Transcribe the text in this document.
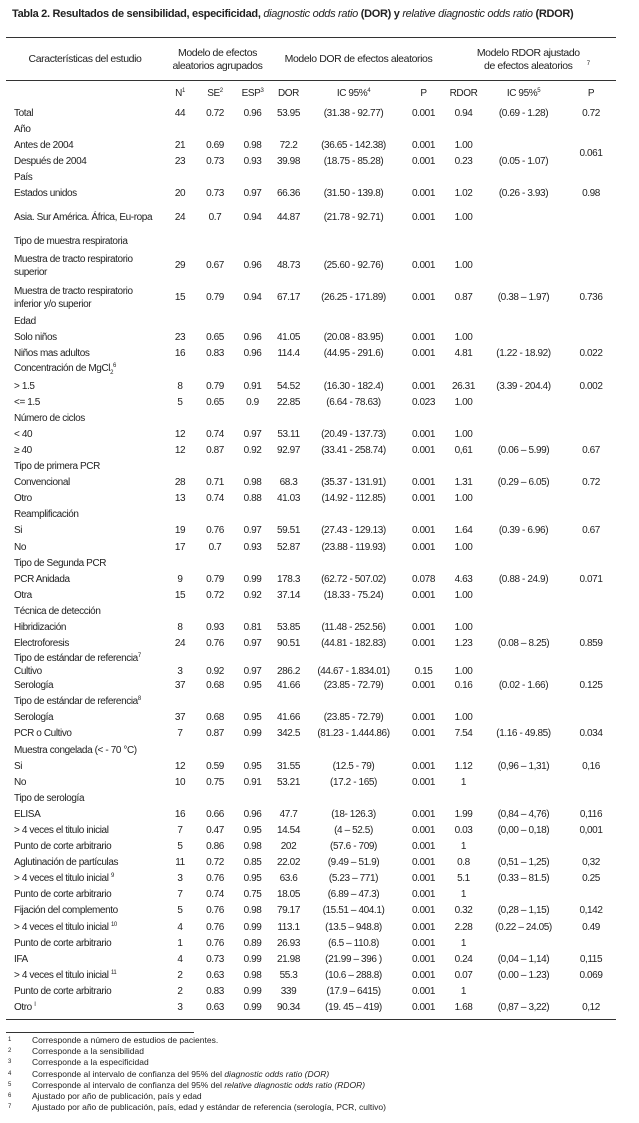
Tabla 2. Resultados de sensibilidad, especificidad, diagnostic odds ratio (DOR) y relative diagnostic odds ratio (RDOR)
Características del estudio	Modelo de efectos aleatorios agrupados			Modelo DOR de efectos aleatorios			Modelo RDOR ajustado de efectos aleatorios $^7$
	$N^1$	$SE^2$	ESP$^3$	DOR	IC 95%$^4$	P	RDOR	IC 95%$^5$	P
Total	44	0.72	0.96	53.95	(31.38 - 92.77)	0.001	0.94	(0.69 - 1.28)	0.72
Año									
Antes de 2004	21	0.69	0.98	72.2	(36.65 - 142.38)	0.001	1.00		0.061
Después de 2004	23	0.73	0.93	39.98	(18.75 - 85.28)	0.001	0.23	(0.05 - 1.07)	
País									
Estados unidos	20	0.73	0.97	66.36	(31.50 - 139.8)	0.001	1.02	(0.26 - 3.93)	0.98
Asia. Sur América. África, Eu-ropa	24	0.7	0.94	44.87	(21.78 - 92.71)	0.001	1.00		
Tipo de muestra respiratoria									
Muestra de tracto respiratorio superior	29	0.67	0.96	48.73	(25.60 - 92.76)	0.001	1.00		
Muestra de tracto respiratorio inferior y/o superior	15	0.79	0.94	67.17	(26.25 - 171.89)	0.001	0.87	(0.38 – 1.97)	0.736
Edad									
Solo niños	23	0.65	0.96	41.05	(20.08 - 83.95)	0.001	1.00		
Niños mas adultos	16	0.83	0.96	114.4	(44.95 - 291.6)	0.001	4.81	(1.22 - 18.92)	0.022
Concentración de MgCl$_2^6$
> 1.5	8	0.79	0.91	54.52	(16.30 - 182.4)	0.001	26.31	(3.39 - 204.4)	0.002
<= 1.5	5	0.65	0.9	22.85	(6.64 - 78.63)	0.023	1.00		
Número de ciclos									
< 40	12	0.74	0.97	53.11	(20.49 - 137.73)	0.001	1.00		
≥ 40	12	0.87	0.92	92.97	(33.41 - 258.74)	0.001	0,61	(0.06 – 5.99)	0.67
Tipo de primera PCR									
Convencional	28	0.71	0.98	68.3	(35.37 - 131.91)	0.001	1.31	(0.29 – 6.05)	0.72
Otro	13	0.74	0.88	41.03	(14.92 - 112.85)	0.001	1.00		
Reamplificación									
Si	19	0.76	0.97	59.51	(27.43 - 129.13)	0.001	1.64	(0.39 - 6.96)	0.67
No	17	0.7	0.93	52.87	(23.88 - 119.93)	0.001	1.00		
Tipo de Segunda PCR									
PCR Anidada	9	0.79	0.99	178.3	(62.72 - 507.02)	0.078	4.63	(0.88 - 24.9)	0.071
Otra	15	0.72	0.92	37.14	(18.33 - 75.24)	0.001	1.00		
Técnica de detección									
Hibridización	8	0.93	0.81	53.85	(11.48 - 252.56)	0.001	1.00		
Electroforesis	24	0.76	0.97	90.51	(44.81 - 182.83)	0.001	1.23	(0.08 – 8.25)	0.859
Tipo de estándar de referencia$^7$
Cultivo	3	0.92	0.97	286.2	(44.67 - 1.834.01)	0.15	1.00		
Serología	37	0.68	0.95	41.66	(23.85 - 72.79)	0.001	0.16	(0.02 - 1.66)	0.125
Tipo de estándar de referencia$^8$
Serología	37	0.68	0.95	41.66	(23.85 - 72.79)	0.001	1.00		
PCR o Cultivo	7	0.87	0.99	342.5	(81.23 - 1.444.86)	0.001	7.54	(1.16 - 49.85)	0.034
Muestra congelada (< - 70 °C)									
Si	12	0.59	0.95	31.55	(12.5 - 79)	0.001	1.12	(0,96 – 1,31)	0,16
No	10	0.75	0.91	53.21	(17.2 - 165)	0.001	1		
Tipo de serología									
ELISA	16	0.66	0.96	47.7	(18- 126.3)	0.001	1.99	(0,84 – 4,76)	0,116
> 4 veces el titulo inicial	7	0.47	0.95	14.54	(4 – 52.5)	0.001	0.03	(0,00 – 0,18)	0,001
Punto de corte arbitrario	5	0.86	0.98	202	(57.6 - 709)	0.001	1		
Aglutinación de partículas	11	0.72	0.85	22.02	(9.49 – 51.9)	0.001	0.8	(0,51 – 1,25)	0,32
> 4 veces el titulo inicial $^9$	3	0.76	0.95	63.6	(5.23 – 771)	0.001	5.1	(0.33 – 81.5)	0.25
Punto de corte arbitrario	7	0.74	0.75	18.05	(6.89 – 47.3)	0.001	1		
Fijación del complemento	5	0.76	0.98	79.17	(15.51 – 404.1)	0.001	0.32	(0,28 – 1,15)	0,142
> 4 veces el titulo inicial $^{10}$	4	0.76	0.99	113.1	(13.5 – 948.8)	0.001	2.28	(0.22 – 24.05)	0.49
Punto de corte arbitrario	1	0.76	0.89	26.93	(6.5 – 110.8)	0.001	1		
IFA	4	0.73	0.99	21.98	(21.99 – 396 )	0.001	0.24	(0,04 – 1,14)	0,115
> 4 veces el titulo inicial $^{11}$	2	0.63	0.98	55.3	(10.6 – 288.8)	0.001	0.07	(0.00 – 1.23)	0.069
Punto de corte arbitrario	2	0.83	0.99	339	(17.9 – 6415)	0.001	1		
Otro $^I$	3	0.63	0.99	90.34	(19. 45 – 419)	0.001	1.68	(0,87 – 3,22)	0,12
1	Corresponde a número de estudios de pacientes.
2	Corresponde a la sensibilidad
3	Corresponde a la especificidad
4	Corresponde al intervalo de confianza del 95% del diagnostic odds ratio (DOR)
5	Corresponde al intervalo de confianza del 95% del relative diagnostic odds ratio (RDOR)
6	Ajustado por año de publicación, país y edad
7	Ajustado por año de publicación, país, edad y estándar de referencia (serología, PCR, cultivo)
